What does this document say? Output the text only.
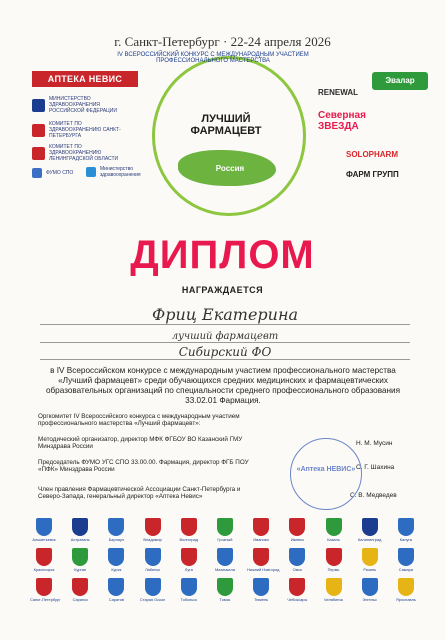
г. Санкт-Петербург · 22-24 апреля 2026
АПТЕКА НЕВИС
МИНИСТЕРСТВО ЗДРАВООХРАНЕНИЯ РОССИЙСКОЙ ФЕДЕРАЦИИ
КОМИТЕТ ПО ЗДРАВООХРАНЕНИЮ САНКТ-ПЕТЕРБУРГА
КОМИТЕТ ПО ЗДРАВООХРАНЕНИЮ ЛЕНИНГРАДСКОЙ ОБЛАСТИ
ФУМО СПО
Министерство здравоохранения
IV ВСЕРОССИЙСКИЙ КОНКУРС С МЕЖДУНАРОДНЫМ УЧАСТИЕМ ПРОФЕССИОНАЛЬНОГО МАСТЕРСТВА
ЛУЧШИЙ ФАРМАЦЕВТ
Россия
RENEWAL
Эвалар
Северная ЗВЕЗДА
SOLOPHARM
ФАРМ ГРУПП
ДИПЛОМ
НАГРАЖДАЕТСЯ
Фриц Екатерина
лучший фармацевт
Сибирский ФО
в IV Всероссийском конкурсе с международным участием профессионального мастерства «Лучший фармацевт» среди обучающихся средних медицинских и фармацевтических образовательных организаций по специальности среднего профессионального образования 33.02.01 Фармация.
Оргкомитет IV Всероссийского конкурса с международным участием профессионального мастерства «Лучший фармацевт»:
Методический организатор, директор МФК ФГБОУ ВО Казанский ГМУ Минздрава России	Н. М. Мусин
Председатель ФУМО УГС СПО 33.00.00. Фармация, директор ФГБ ПОУ «ПФК» Минздрава России	С. Г. Шахина
Член правления Фармацевтической Ассоциации Санкт-Петербурга и Северо-Запада, генеральный директор «Аптека Невис»	С. В. Медведев
«Аптека НЕВИС»
Альметьевск	Астрахань	Барнаул	Владимир	Волгоград	Грозный	Иваново	Ижевск	Казань	Калининград	Калуга
Красноярск	Курган	Курск	Лабинск	Луга	Махачкала	Нижний Новгород	Омск	Пермь	Рязань	Самара
Санкт-Петербург	Саранск	Саратов	Старая Оскол	Тобольск	Томск	Тюмень	Чебоксары	Челябинск	Энгельс	Ярославль
